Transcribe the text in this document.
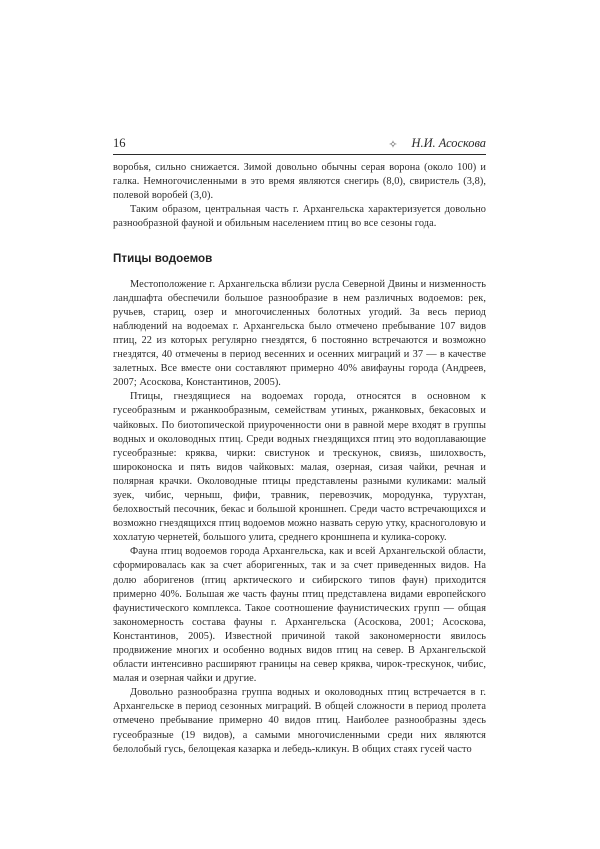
16	✧ Н.И. Асоскова

воробья, сильно снижается. Зимой довольно обычны серая ворона (около 100) и галка. Немногочисленными в это время являются снегирь (8,0), свиристель (3,8), полевой воробей (3,0).

Таким образом, центральная часть г. Архангельска характеризуется довольно разнообразной фауной и обильным населением птиц во все сезоны года.

Птицы водоемов

Местоположение г. Архангельска вблизи русла Северной Двины и низменность ландшафта обеспечили большое разнообразие в нем различных водоемов: рек, ручьев, стариц, озер и многочисленных болотных угодий. За весь период наблюдений на водоемах г. Архангельска было отмечено пребывание 107 видов птиц, 22 из которых регулярно гнездятся, 6 постоянно встречаются и возможно гнездятся, 40 отмечены в период весенних и осенних миграций и 37 — в качестве залетных. Все вместе они составляют примерно 40% авифауны города (Андреев, 2007; Асоскова, Константинов, 2005).

Птицы, гнездящиеся на водоемах города, относятся в основном к гусеобразным и ржанкообразным, семействам утиных, ржанковых, бекасовых и чайковых. По биотопической приуроченности они в равной мере входят в группы водных и околоводных птиц. Среди водных гнездящихся птиц это водоплавающие гусеобразные: кряква, чирки: свистунок и трескунок, свиязь, шилохвость, широконоска и пять видов чайковых: малая, озерная, сизая чайки, речная и полярная крачки. Околоводные птицы представлены разными куликами: малый зуек, чибис, черныш, фифи, травник, перевозчик, мородунка, турухтан, белохвостый песочник, бекас и большой кроншнеп. Среди часто встречающихся и возможно гнездящихся птиц водоемов можно назвать серую утку, красноголовую и хохлатую чернетей, большого улита, среднего кроншнепа и кулика-сороку.

Фауна птиц водоемов города Архангельска, как и всей Архангельской области, сформировалась как за счет аборигенных, так и за счет приведенных видов. На долю аборигенов (птиц арктического и сибирского типов фаун) приходится примерно 40%. Большая же часть фауны птиц представлена видами европейского фаунистического комплекса. Такое соотношение фаунистических групп — общая закономерность состава фауны г. Архангельска (Асоскова, 2001; Асоскова, Константинов, 2005). Известной причиной такой закономерности явилось продвижение многих и особенно водных видов птиц на север. В Архангельской области интенсивно расширяют границы на север кряква, чирок-трескунок, чибис, малая и озерная чайки и другие.

Довольно разнообразна группа водных и околоводных птиц встречается в г. Архангельске в период сезонных миграций. В общей сложности в период пролета отмечено пребывание примерно 40 видов птиц. Наиболее разнообразны здесь гусеобразные (19 видов), а самыми многочисленными среди них являются белолобый гусь, белощекая казарка и лебедь-кликун. В общих стаях гусей часто
